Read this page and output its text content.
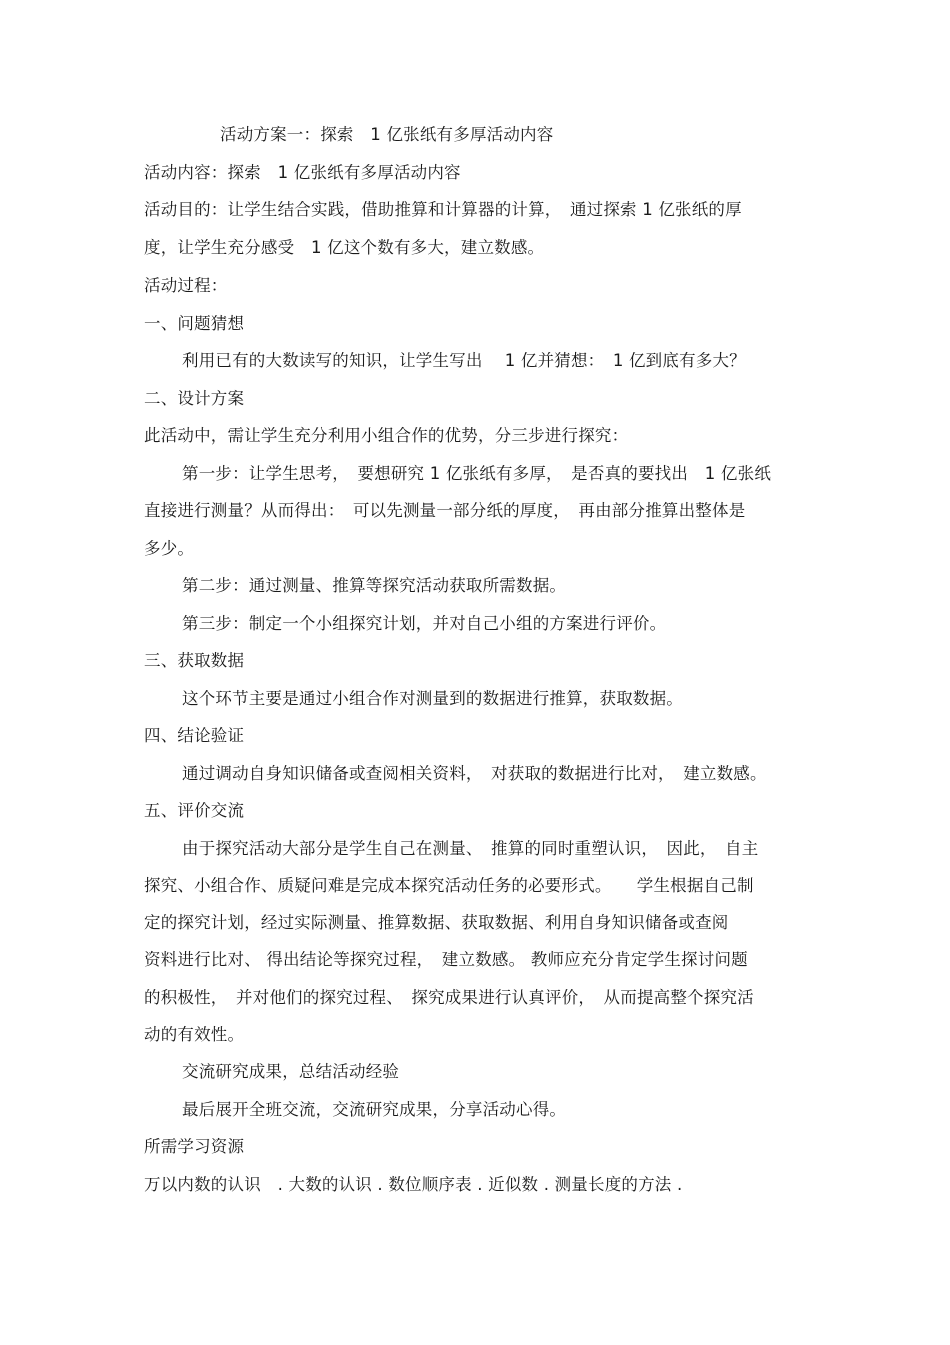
活动方案一：探索　1 亿张纸有多厚活动内容
活动内容：探索　1 亿张纸有多厚活动内容
活动目的：让学生结合实践，借助推算和计算器的计算，　通过探索 1 亿张纸的厚
度，让学生充分感受　1 亿这个数有多大，建立数感。
活动过程：
一、问题猜想
利用已有的大数读写的知识，让学生写出　 1 亿并猜想：　1 亿到底有多大？
二、设计方案
此活动中，需让学生充分利用小组合作的优势，分三步进行探究：
第一步：让学生思考，　要想研究 1 亿张纸有多厚，　是否真的要找出　1 亿张纸
直接进行测量？从而得出：　可以先测量一部分纸的厚度，　再由部分推算出整体是
多少。
第二步：通过测量、推算等探究活动获取所需数据。
第三步：制定一个小组探究计划，并对自己小组的方案进行评价。
三、获取数据
这个环节主要是通过小组合作对测量到的数据进行推算，获取数据。
四、结论验证
通过调动自身知识储备或查阅相关资料，　对获取的数据进行比对，　建立数感。
五、评价交流
由于探究活动大部分是学生自己在测量、　推算的同时重塑认识，　因此，　自主
探究、小组合作、质疑问难是完成本探究活动任务的必要形式。　　学生根据自己制
定的探究计划，经过实际测量、推算数据、获取数据、利用自身知识储备或查阅
资料进行比对、 得出结论等探究过程，　建立数感。 教师应充分肯定学生探讨问题
的积极性，　并对他们的探究过程、　探究成果进行认真评价，　从而提高整个探究活
动的有效性。
交流研究成果，总结活动经验
最后展开全班交流，交流研究成果，分享活动心得。
所需学习资源
万以内数的认识　. 大数的认识 . 数位顺序表 . 近似数 . 测量长度的方法 .
